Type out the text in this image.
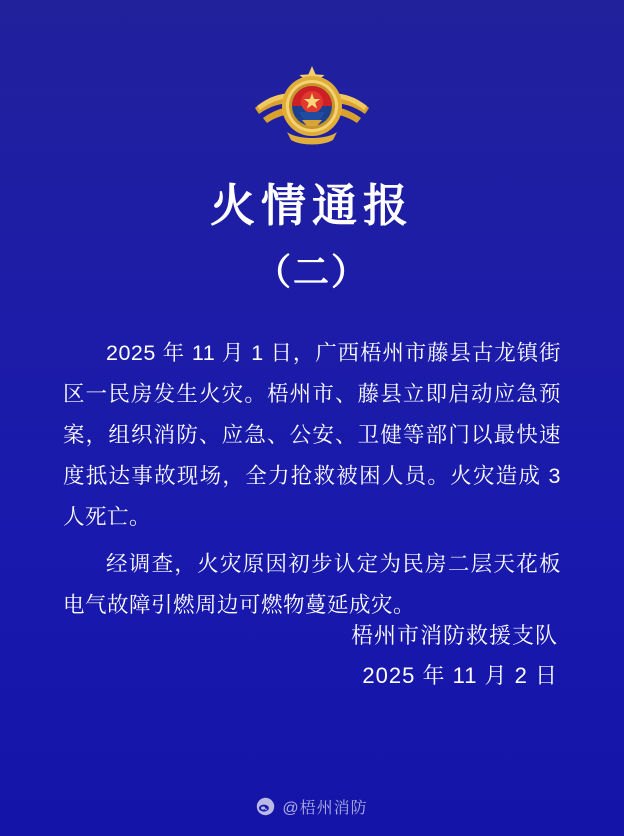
火情通报
（二）

2025 年 11 月 1 日，广西梧州市藤县古龙镇街区一民房发生火灾。梧州市、藤县立即启动应急预案，组织消防、应急、公安、卫健等部门以最快速度抵达事故现场，全力抢救被困人员。火灾造成 3 人死亡。

经调查，火灾原因初步认定为民房二层天花板电气故障引燃周边可燃物蔓延成灾。

梧州市消防救援支队
2025 年 11 月 2 日
@梧州消防
